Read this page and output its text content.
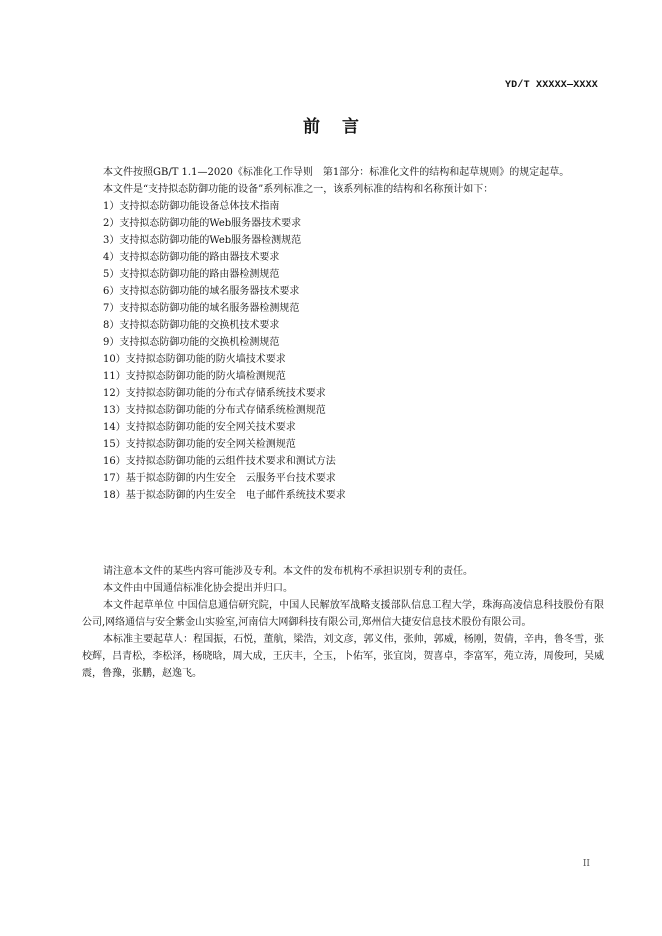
YD/T XXXXX—XXXX
前言

本文件按照GB/T 1.1—2020《标准化工作导则　第1部分：标准化文件的结构和起草规则》的规定起草。

本文件是“支持拟态防御功能的设备”系列标准之一，该系列标准的结构和名称预计如下：

1）支持拟态防御功能设备总体技术指南
2）支持拟态防御功能的Web服务器技术要求
3）支持拟态防御功能的Web服务器检测规范
4）支持拟态防御功能的路由器技术要求
5）支持拟态防御功能的路由器检测规范
6）支持拟态防御功能的域名服务器技术要求
7）支持拟态防御功能的域名服务器检测规范
8）支持拟态防御功能的交换机技术要求
9）支持拟态防御功能的交换机检测规范
10）支持拟态防御功能的防火墙技术要求
11）支持拟态防御功能的防火墙检测规范
12）支持拟态防御功能的分布式存储系统技术要求
13）支持拟态防御功能的分布式存储系统检测规范
14）支持拟态防御功能的安全网关技术要求
15）支持拟态防御功能的安全网关检测规范
16）支持拟态防御功能的云组件技术要求和测试方法
17）基于拟态防御的内生安全　云服务平台技术要求
18）基于拟态防御的内生安全　电子邮件系统技术要求

请注意本文件的某些内容可能涉及专利。本文件的发布机构不承担识别专利的责任。

本文件由中国通信标准化协会提出并归口。

本文件起草单位 中国信息通信研究院，中国人民解放军战略支援部队信息工程大学，珠海高凌信息科技股份有限公司,网络通信与安全紫金山实验室,河南信大网御科技有限公司,郑州信大捷安信息技术股份有限公司。

本标准主要起草人：程国振，石悦，董航，梁浩，刘文彦，郭义伟，张帅，郭威，杨刚，贺倩，辛冉，鲁冬雪，张校辉，吕青松，李松泽，杨晓晗，周大成，王庆丰，仝玉，卜佑军，张宜岗，贺喜卓，李富军，苑立涛，周俊珂，吴威震，鲁豫，张鹏，赵逸飞。

II
